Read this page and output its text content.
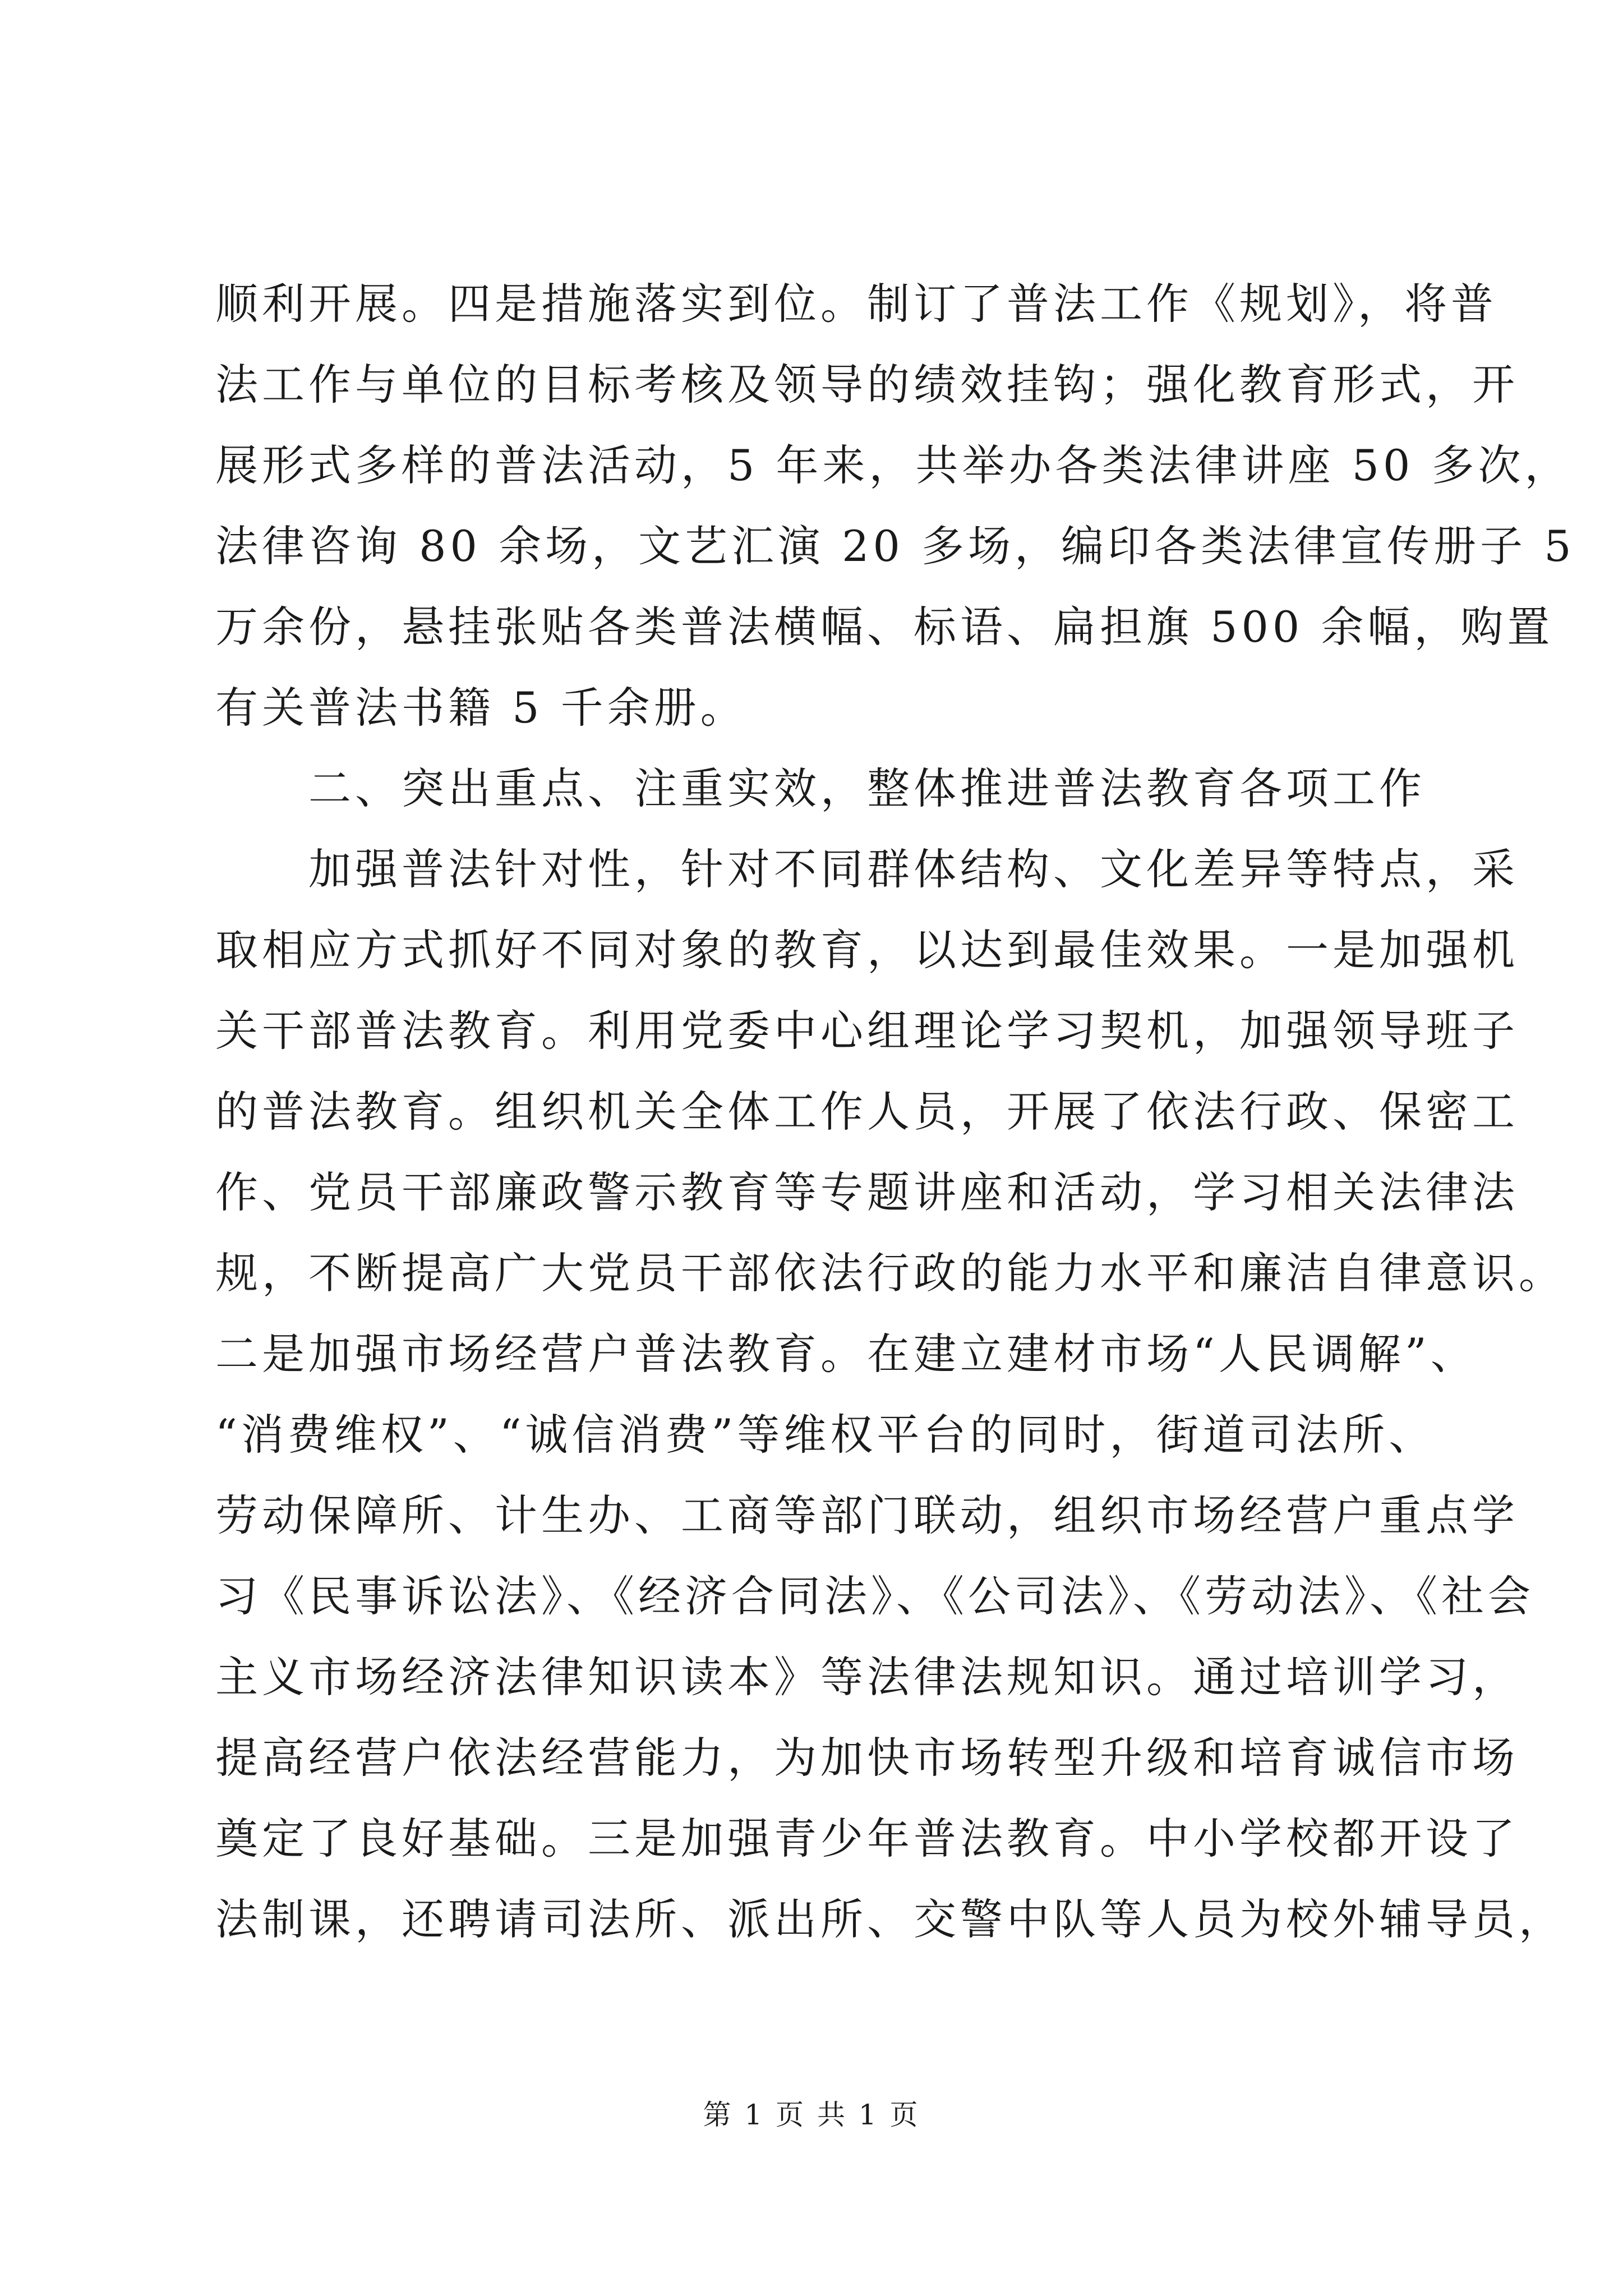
顺利开展。四是措施落实到位。制订了普法工作《规划》，将普
法工作与单位的目标考核及领导的绩效挂钩；强化教育形式，开
展形式多样的普法活动，5 年来，共举办各类法律讲座 50 多次，
法律咨询 80 余场，文艺汇演 20 多场，编印各类法律宣传册子 5
万余份，悬挂张贴各类普法横幅、标语、扁担旗 500 余幅，购置
有关普法书籍 5 千余册。
二、突出重点、注重实效，整体推进普法教育各项工作
加强普法针对性，针对不同群体结构、文化差异等特点，采
取相应方式抓好不同对象的教育，以达到最佳效果。一是加强机
关干部普法教育。利用党委中心组理论学习契机，加强领导班子
的普法教育。组织机关全体工作人员，开展了依法行政、保密工
作、党员干部廉政警示教育等专题讲座和活动，学习相关法律法
规，不断提高广大党员干部依法行政的能力水平和廉洁自律意识。
二是加强市场经营户普法教育。在建立建材市场“人民调解”、
“消费维权”、“诚信消费”等维权平台的同时，街道司法所、
劳动保障所、计生办、工商等部门联动，组织市场经营户重点学
习《民事诉讼法》、《经济合同法》、《公司法》、《劳动法》、《社会
主义市场经济法律知识读本》等法律法规知识。通过培训学习，
提高经营户依法经营能力，为加快市场转型升级和培育诚信市场
奠定了良好基础。三是加强青少年普法教育。中小学校都开设了
法制课，还聘请司法所、派出所、交警中队等人员为校外辅导员，
第 1 页 共 1 页
